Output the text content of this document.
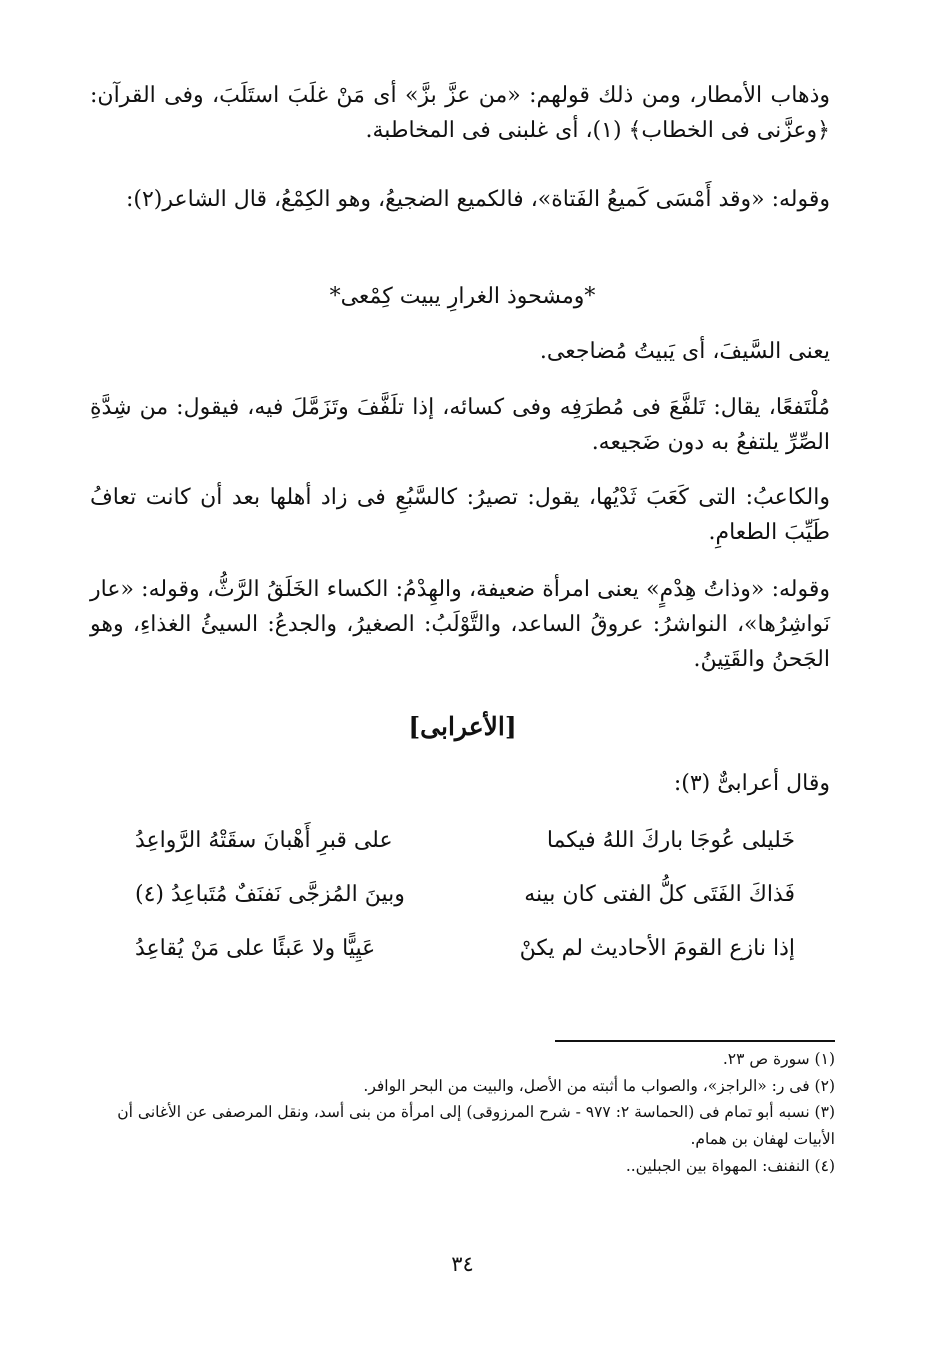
وذهاب الأمطار، ومن ذلك قولهم: «من عزَّ بزَّ» أى مَنْ غلَبَ استَلَبَ، وفى القرآن: ﴿وعزَّنى فى الخطاب﴾ (١)، أى غلبنى فى المخاطبة.

وقوله: «وقد أَمْسَى كَميعُ الفَتاة»، فالكميع الضجيعُ، وهو الكِمْعُ، قال الشاعر(٢):

*ومشحوذ الغرارِ يبيت كِمْعى*

يعنى السَّيفَ، أى يَبيتُ مُضاجعى.

مُلْتَفعًا، يقال: تَلفَّعَ فى مُطرَفِه وفى كسائه، إذا تلَفَّفَ وتَزَمَّلَ فيه، فيقول: من شِدَّةِ الصِّرِّ يلتفعُ به دون ضَجيعه.

والكاعبُ: التى كَعَبَ ثَدْيُها، يقول: تصيرُ: كالسَّبُعِ فى زاد أهلها بعد أن كانت تعافُ طَيِّبَ الطعامِ.

وقوله: «وذاتُ هِدْمٍ» يعنى امرأة ضعيفة، والهِدْمُ: الكساء الخَلَقُ الرَّثُّ، وقوله: «عار نَواشِرُها»، النواشرُ: عروقُ الساعد، والتَّوْلَبُ: الصغيرُ، والجدعُ: السيئُ الغذاءِ، وهو الجَحنُ والقَتِينُ.

[الأعرابى]

وقال أعرابىٌّ (٣):

خَليلى عُوجَا باركَ اللهُ فيكما
على قبرِ أَهْبانَ سقَتْهُ الرَّواعِدُ
فَذاكَ الفَتَى كلُّ الفتى كان بينه
وبينَ المُزجَّى نَفنَفٌ مُتَباعِدُ (٤)
إذا نازع القومَ الأحاديث لم يكنْ
عَيِيًّا ولا عَبئًا على مَنْ يُقاعِدُ
(١) سورة ص ٢٣.
(٢) فى ر: «الراجز»، والصواب ما أثبته من الأصل، والبيت من البحر الوافر.
(٣) نسبه أبو تمام فى (الحماسة ٢: ٩٧٧ - شرح المرزوقى) إلى امرأة من بنى أسد، ونقل المرصفى عن الأغانى أن الأبيات لهفان بن همام.
(٤) النفنف: المهواة بين الجبلين..
٣٤
